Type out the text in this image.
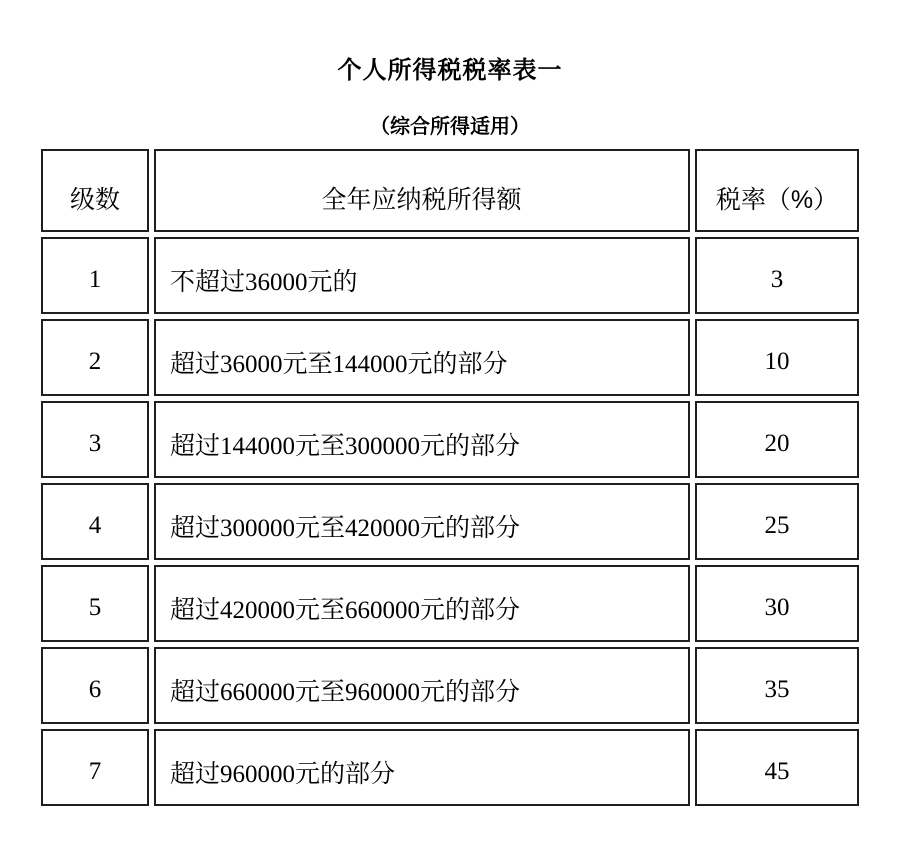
个人所得税税率表一
（综合所得适用）
级数	全年应纳税所得额	税率（%）
1	不超过36000元的	3
2	超过36000元至144000元的部分	10
3	超过144000元至300000元的部分	20
4	超过300000元至420000元的部分	25
5	超过420000元至660000元的部分	30
6	超过660000元至960000元的部分	35
7	超过960000元的部分	45
